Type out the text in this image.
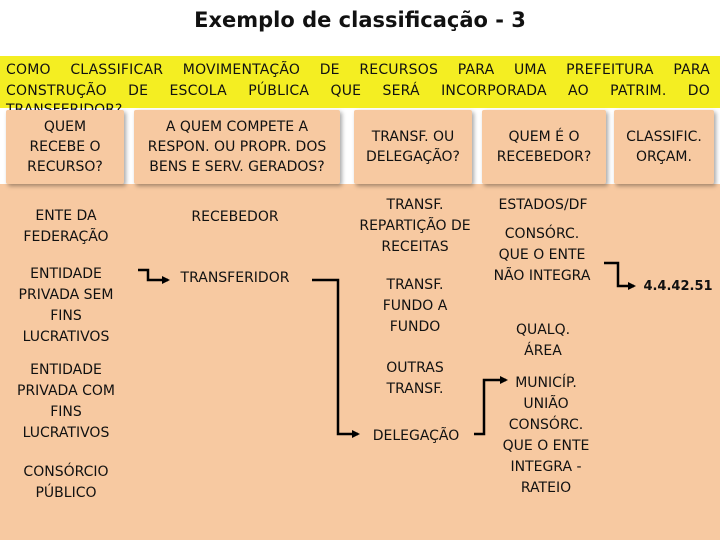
Exemplo de classificação - 3
COMO CLASSIFICAR MOVIMENTAÇÃO DE RECURSOS PARA UMA PREFEITURA PARA
CONSTRUÇÃO DE ESCOLA PÚBLICA QUE SERÁ INCORPORADA AO PATRIM. DO
QUEM RECEBE O RECURSO?
A QUEM COMPETE A RESPON. OU PROPR. DOS BENS E SERV. GERADOS?
TRANSF. OU DELEGAÇÃO?
QUEM É O RECEBEDOR?
CLASSIFIC. ORÇAM.
ENTE DA FEDERAÇÃO
ENTIDADE PRIVADA SEM FINS LUCRATIVOS
ENTIDADE PRIVADA COM FINS LUCRATIVOS
CONSÓRCIO PÚBLICO
RECEBEDOR
TRANSFERIDOR
TRANSF. REPARTIÇÃO DE RECEITAS
TRANSF. FUNDO A FUNDO
OUTRAS TRANSF.
DELEGAÇÃO
ESTADOS/DF
CONSÓRC. QUE O ENTE NÃO INTEGRA
QUALQ. ÁREA
MUNICÍP. UNIÃO CONSÓRC. QUE O ENTE INTEGRA - RATEIO
4.4.42.51
